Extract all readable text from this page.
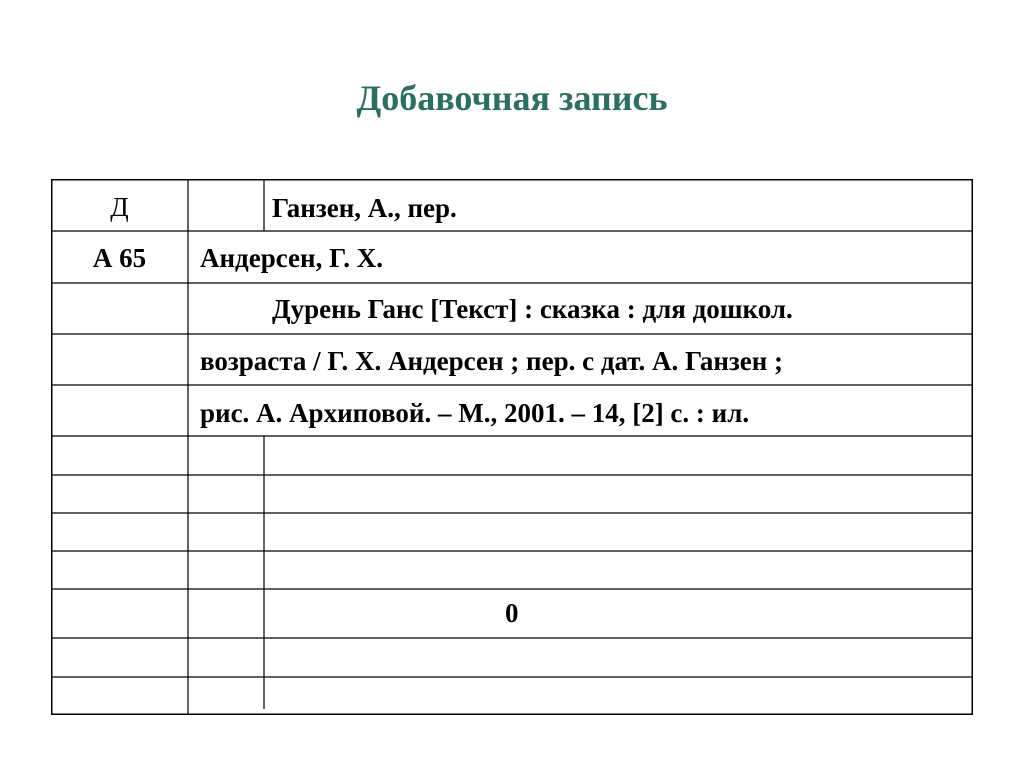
Добавочная запись
Д	Ганзен, А., пер.
А 65	Андерсен, Г. Х.
Дурень Ганс [Текст] : сказка : для дошкол.
возраста / Г. Х. Андерсен ; пер. с дат. А. Ганзен ;
рис. А. Архиповой. – М., 2001. – 14, [2] с. : ил.
0
